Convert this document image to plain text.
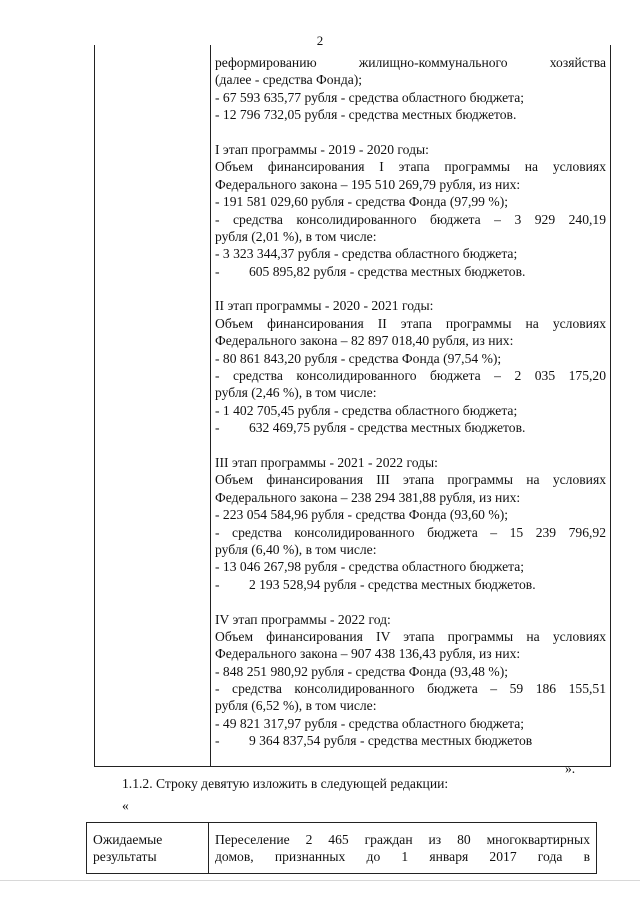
2
реформированию жилищно-коммунального хозяйства
(далее - средства Фонда);
- 67 593 635,77 рубля - средства областного бюджета;
- 12 796 732,05 рубля - средства местных бюджетов.
I этап программы - 2019 - 2020 годы:
Объем финансирования I этапа программы на условиях
Федерального закона – 195 510 269,79 рубля, из них:
- 191 581 029,60 рубля - средства Фонда (97,99 %);
- средства консолидированного бюджета – 3 929 240,19
рубля (2,01 %), в том числе:
- 3 323 344,37 рубля - средства областного бюджета;
- 605 895,82 рубля - средства местных бюджетов.
II этап программы - 2020 - 2021 годы:
Объем финансирования II этапа программы на условиях
Федерального закона – 82 897 018,40 рубля, из них:
- 80 861 843,20 рубля - средства Фонда (97,54 %);
- средства консолидированного бюджета – 2 035 175,20
рубля (2,46 %), в том числе:
- 1 402 705,45 рубля - средства областного бюджета;
- 632 469,75 рубля - средства местных бюджетов.
III этап программы - 2021 - 2022 годы:
Объем финансирования III этапа программы на условиях
Федерального закона – 238 294 381,88 рубля, из них:
- 223 054 584,96 рубля - средства Фонда (93,60 %);
- средства консолидированного бюджета – 15 239 796,92
рубля (6,40 %), в том числе:
- 13 046 267,98 рубля - средства областного бюджета;
- 2 193 528,94 рубля - средства местных бюджетов.
IV этап программы - 2022 год:
Объем финансирования IV этапа программы на условиях
Федерального закона – 907 438 136,43 рубля, из них:
- 848 251 980,92 рубля - средства Фонда (93,48 %);
- средства консолидированного бюджета – 59 186 155,51
рубля (6,52 %), в том числе:
- 49 821 317,97 рубля - средства областного бюджета;
- 9 364 837,54 рубля - средства местных бюджетов
».
1.1.2. Строку девятую изложить в следующей редакции:
«
Ожидаемые
результаты
Переселение 2 465 граждан из 80 многоквартирных
домов, признанных до 1 января 2017 года в
